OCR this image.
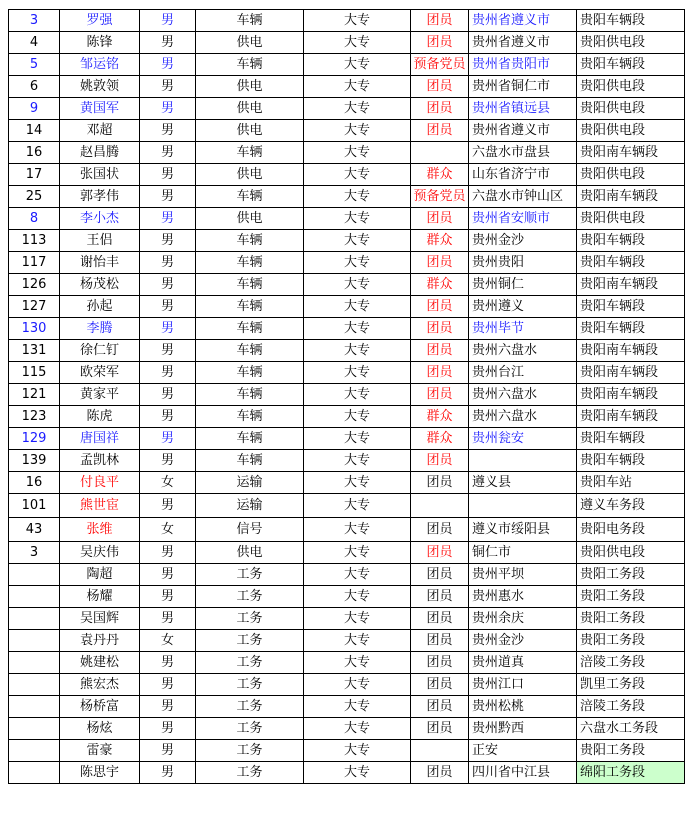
3	罗强	男	车辆	大专	团员	贵州省遵义市	贵阳车辆段
4	陈锋	男	供电	大专	团员	贵州省遵义市	贵阳供电段
5	邹运铭	男	车辆	大专	预备党员	贵州省贵阳市	贵阳车辆段
6	姚敦领	男	供电	大专	团员	贵州省铜仁市	贵阳供电段
9	黄国军	男	供电	大专	团员	贵州省镇远县	贵阳供电段
14	邓超	男	供电	大专	团员	贵州省遵义市	贵阳供电段
16	赵昌腾	男	车辆	大专		六盘水市盘县	贵阳南车辆段
17	张国状	男	供电	大专	群众	山东省济宁市	贵阳供电段
25	郭孝伟	男	车辆	大专	预备党员	六盘水市钟山区	贵阳南车辆段
8	李小杰	男	供电	大专	团员	贵州省安顺市	贵阳供电段
113	王侣	男	车辆	大专	群众	贵州金沙	贵阳车辆段
117	谢怡丰	男	车辆	大专	团员	贵州贵阳	贵阳车辆段
126	杨茂松	男	车辆	大专	群众	贵州铜仁	贵阳南车辆段
127	孙起	男	车辆	大专	团员	贵州遵义	贵阳车辆段
130	李腾	男	车辆	大专	团员	贵州毕节	贵阳车辆段
131	徐仁钉	男	车辆	大专	团员	贵州六盘水	贵阳南车辆段
115	欧荣军	男	车辆	大专	团员	贵州台江	贵阳南车辆段
121	黄家平	男	车辆	大专	团员	贵州六盘水	贵阳南车辆段
123	陈虎	男	车辆	大专	群众	贵州六盘水	贵阳南车辆段
129	唐国祥	男	车辆	大专	群众	贵州瓮安	贵阳车辆段
139	孟凯林	男	车辆	大专	团员		贵阳车辆段
16	付良平	女	运输	大专	团员	遵义县	贵阳车站
101	熊世宦	男	运输	大专			遵义车务段
43	张维	女	信号	大专	团员	遵义市绥阳县	贵阳电务段
3	吴庆伟	男	供电	大专	团员	铜仁市	贵阳供电段
	陶超	男	工务	大专	团员	贵州平坝	贵阳工务段
	杨耀	男	工务	大专	团员	贵州惠水	贵阳工务段
	吴国辉	男	工务	大专	团员	贵州余庆	贵阳工务段
	袁丹丹	女	工务	大专	团员	贵州金沙	贵阳工务段
	姚建松	男	工务	大专	团员	贵州道真	涪陵工务段
	熊宏杰	男	工务	大专	团员	贵州江口	凯里工务段
	杨桥富	男	工务	大专	团员	贵州松桃	涪陵工务段
	杨炫	男	工务	大专	团员	贵州黔西	六盘水工务段
	雷豪	男	工务	大专		正安	贵阳工务段
	陈思宇	男	工务	大专	团员	四川省中江县	绵阳工务段
